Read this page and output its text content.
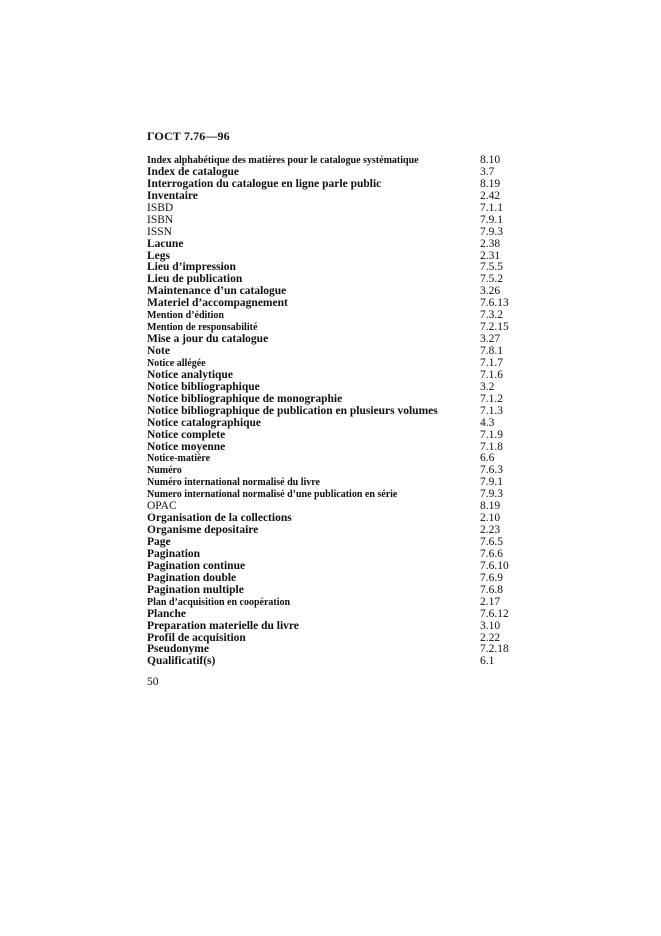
ГОСТ 7.76—96
Index alphabétique des matières pour le catalogue systématique	8.10
Index de catalogue	3.7
Interrogation du catalogue en ligne parle public	8.19
Inventaire	2.42
ISBD	7.1.1
ISBN	7.9.1
ISSN	7.9.3
Lacune	2.38
Legs	2.31
Lieu d’impression	7.5.5
Lieu de publication	7.5.2
Maintenance d’un catalogue	3.26
Materiel d’accompagnement	7.6.13
Mention d’édition	7.3.2
Mention de responsabilité	7.2.15
Mise a jour du catalogue	3.27
Note	7.8.1
Notice allégée	7.1.7
Notice analytique	7.1.6
Notice bibliographique	3.2
Notice bibliographique de monographie	7.1.2
Notice bibliographique de publication en plusieurs volumes	7.1.3
Notice catalographique	4.3
Notice complete	7.1.9
Notice moyenne	7.1.8
Notice-matière	6.6
Numéro	7.6.3
Numéro international normalisé du livre	7.9.1
Numero international normalisé d’une publication en série	7.9.3
OPAC	8.19
Organisation de la collections	2.10
Organisme depositaire	2.23
Page	7.6.5
Pagination	7.6.6
Pagination continue	7.6.10
Pagination double	7.6.9
Pagination multiple	7.6.8
Plan d’acquisition en coopération	2.17
Planche	7.6.12
Preparation materielle du livre	3.10
Profil de acquisition	2.22
Pseudonyme	7.2.18
Qualificatif(s)	6.1
50
